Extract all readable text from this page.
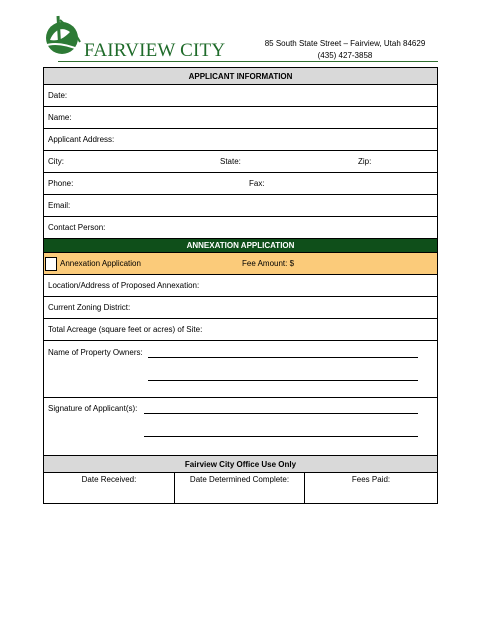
FAIRVIEW CITY	85 South State Street – Fairview, Utah 84629
(435) 427-3858
APPLICANT INFORMATION
Date:
Name:
Applicant Address:
City:	State:	Zip:
Phone:	Fax:
Email:
Contact Person:
ANNEXATION APPLICATION
Annexation Application	Fee Amount: $
Location/Address of Proposed Annexation:
Current Zoning District:
Total Acreage (square feet or acres) of Site:
Name of Property Owners:
Signature of Applicant(s):
Fairview City Office Use Only
Date Received:	Date Determined Complete:	Fees Paid:
